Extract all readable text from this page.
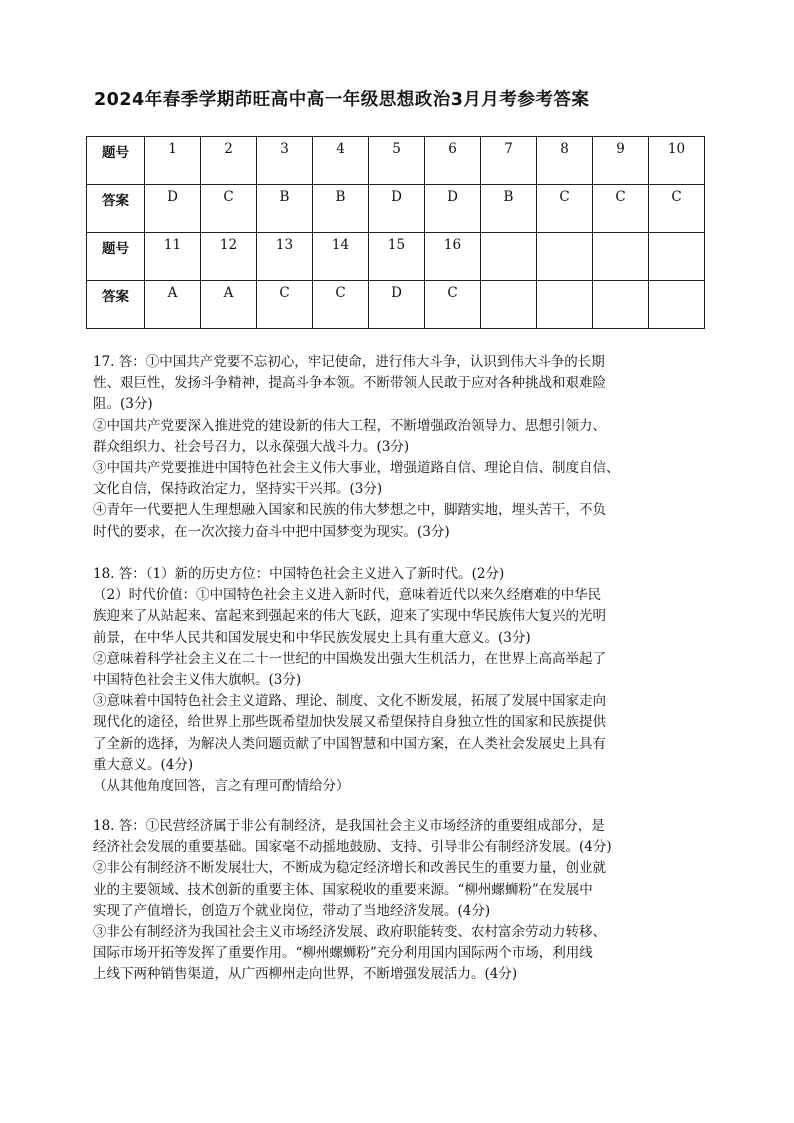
2024年春季学期茚旺高中高一年级思想政治3月月考参考答案
题号	1	2	3	4	5	6	7	8	9	10
答案	D	C	B	B	D	D	B	C	C	C
题号	11	12	13	14	15	16				
答案	A	A	C	C	D	C				

17. 答：①中国共产党要不忘初心，牢记使命，进行伟大斗争，认识到伟大斗争的长期

性、艰巨性，发扬斗争精神，提高斗争本领。不断带领人民敢于应对各种挑战和艰难险

阻。(3分)

②中国共产党要深入推进党的建设新的伟大工程，不断增强政治领导力、思想引领力、

群众组织力、社会号召力，以永葆强大战斗力。(3分)

③中国共产党要推进中国特色社会主义伟大事业，增强道路自信、理论自信、制度自信、

文化自信，保持政治定力，坚持实干兴邦。(3分)

④青年一代要把人生理想融入国家和民族的伟大梦想之中，脚踏实地，埋头苦干，不负

时代的要求，在一次次接力奋斗中把中国梦变为现实。(3分)

18. 答：（1）新的历史方位：中国特色社会主义进入了新时代。(2分)

（2）时代价值：①中国特色社会主义进入新时代，意味着近代以来久经磨难的中华民

族迎来了从站起来、富起来到强起来的伟大飞跃，迎来了实现中华民族伟大复兴的光明

前景，在中华人民共和国发展史和中华民族发展史上具有重大意义。(3分)

②意味着科学社会主义在二十一世纪的中国焕发出强大生机活力，在世界上高高举起了

中国特色社会主义伟大旗帜。(3分)

③意味着中国特色社会主义道路、理论、制度、文化不断发展，拓展了发展中国家走向

现代化的途径，给世界上那些既希望加快发展又希望保持自身独立性的国家和民族提供

了全新的选择，为解决人类问题贡献了中国智慧和中国方案，在人类社会发展史上具有

重大意义。(4分)

（从其他角度回答，言之有理可酌情给分）

18. 答：①民营经济属于非公有制经济，是我国社会主义市场经济的重要组成部分，是

经济社会发展的重要基础。国家毫不动摇地鼓励、支持、引导非公有制经济发展。(4分)

②非公有制经济不断发展壮大，不断成为稳定经济增长和改善民生的重要力量，创业就

业的主要领域、技术创新的重要主体、国家税收的重要来源。“柳州螺蛳粉”在发展中

实现了产值增长，创造万个就业岗位，带动了当地经济发展。(4分)

③非公有制经济为我国社会主义市场经济发展、政府职能转变、农村富余劳动力转移、

国际市场开拓等发挥了重要作用。“柳州螺蛳粉”充分利用国内国际两个市场，利用线

上线下两种销售渠道，从广西柳州走向世界，不断增强发展活力。(4分)
